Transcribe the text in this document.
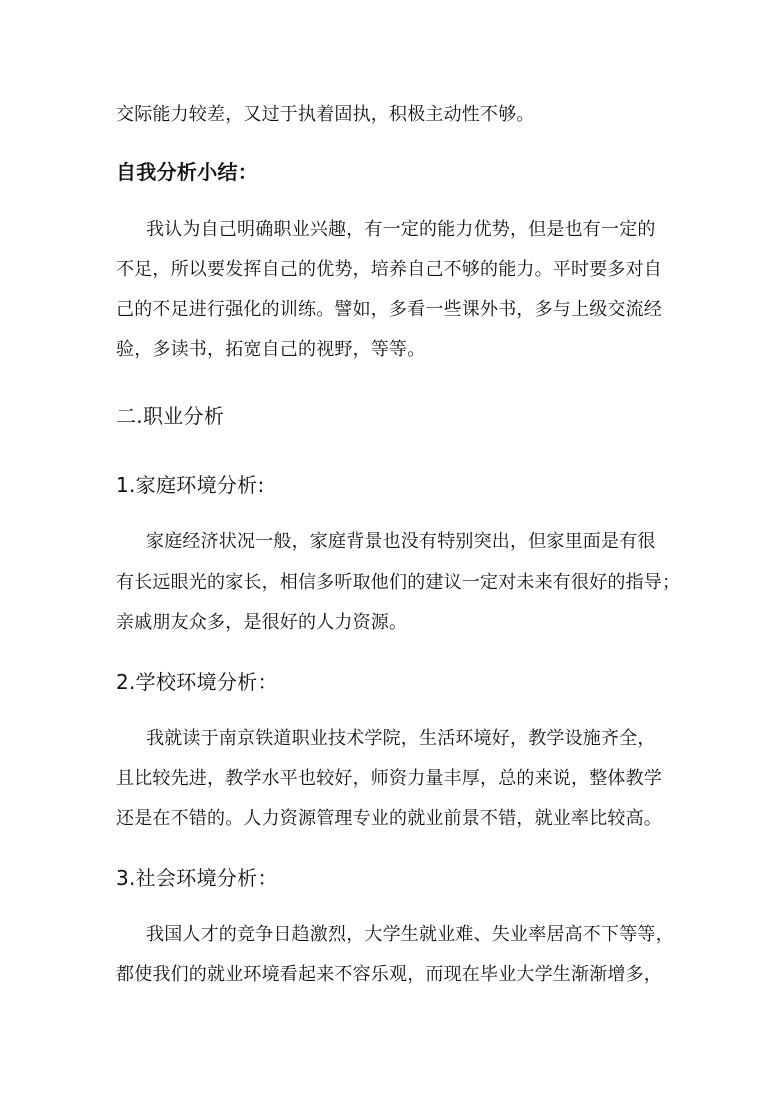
交际能力较差，又过于执着固执，积极主动性不够。
自我分析小结：
我认为自己明确职业兴趣，有一定的能力优势，但是也有一定的
不足，所以要发挥自己的优势，培养自己不够的能力。平时要多对自
己的不足进行强化的训练。譬如，多看一些课外书，多与上级交流经
验，多读书，拓宽自己的视野，等等。
二.职业分析
1.家庭环境分析:
家庭经济状况一般，家庭背景也没有特别突出，但家里面是有很
有长远眼光的家长，相信多听取他们的建议一定对未来有很好的指导；
亲戚朋友众多，是很好的人力资源。
2.学校环境分析：
我就读于南京铁道职业技术学院，生活环境好，教学设施齐全，
且比较先进，教学水平也较好，师资力量丰厚，总的来说，整体教学
还是在不错的。人力资源管理专业的就业前景不错，就业率比较高。
3.社会环境分析：
我国人才的竞争日趋激烈，大学生就业难、失业率居高不下等等，
都使我们的就业环境看起来不容乐观，而现在毕业大学生渐渐增多，
